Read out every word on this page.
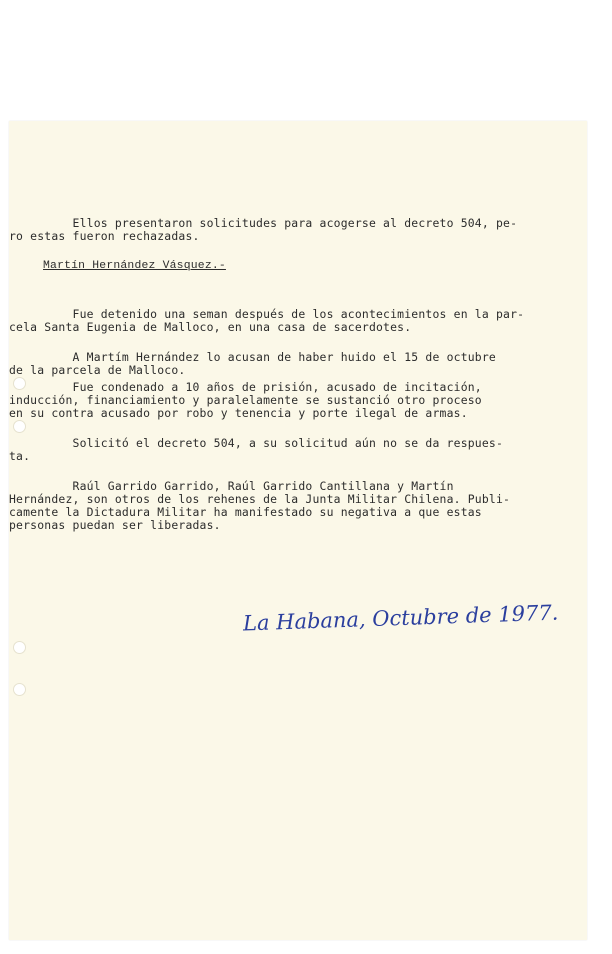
Ellos presentaron solicitudes para acogerse al decreto 504, pe-
ro estas fueron rechazadas.
Martín Hernández Vásquez.-
Fue detenido una seman después de los acontecimientos en la par-
cela Santa Eugenia de Malloco, en una casa de sacerdotes.
A Martím Hernández lo acusan de haber huido el 15 de octubre
de la parcela de Malloco.
Fue condenado a 10 años de prisión, acusado de incitación,
inducción, financiamiento y paralelamente se sustanció otro proceso
en su contra acusado por robo y tenencia y porte ilegal de armas.
Solicitó el decreto 504, a su solicitud aún no se da respues-
ta.
Raúl Garrido Garrido, Raúl Garrido Cantillana y Martín
Hernández, son otros de los rehenes de la Junta Militar Chilena. Publi-
camente la Dictadura Militar ha manifestado su negativa a que estas
personas puedan ser liberadas.
La Habana, Octubre de 1977.
